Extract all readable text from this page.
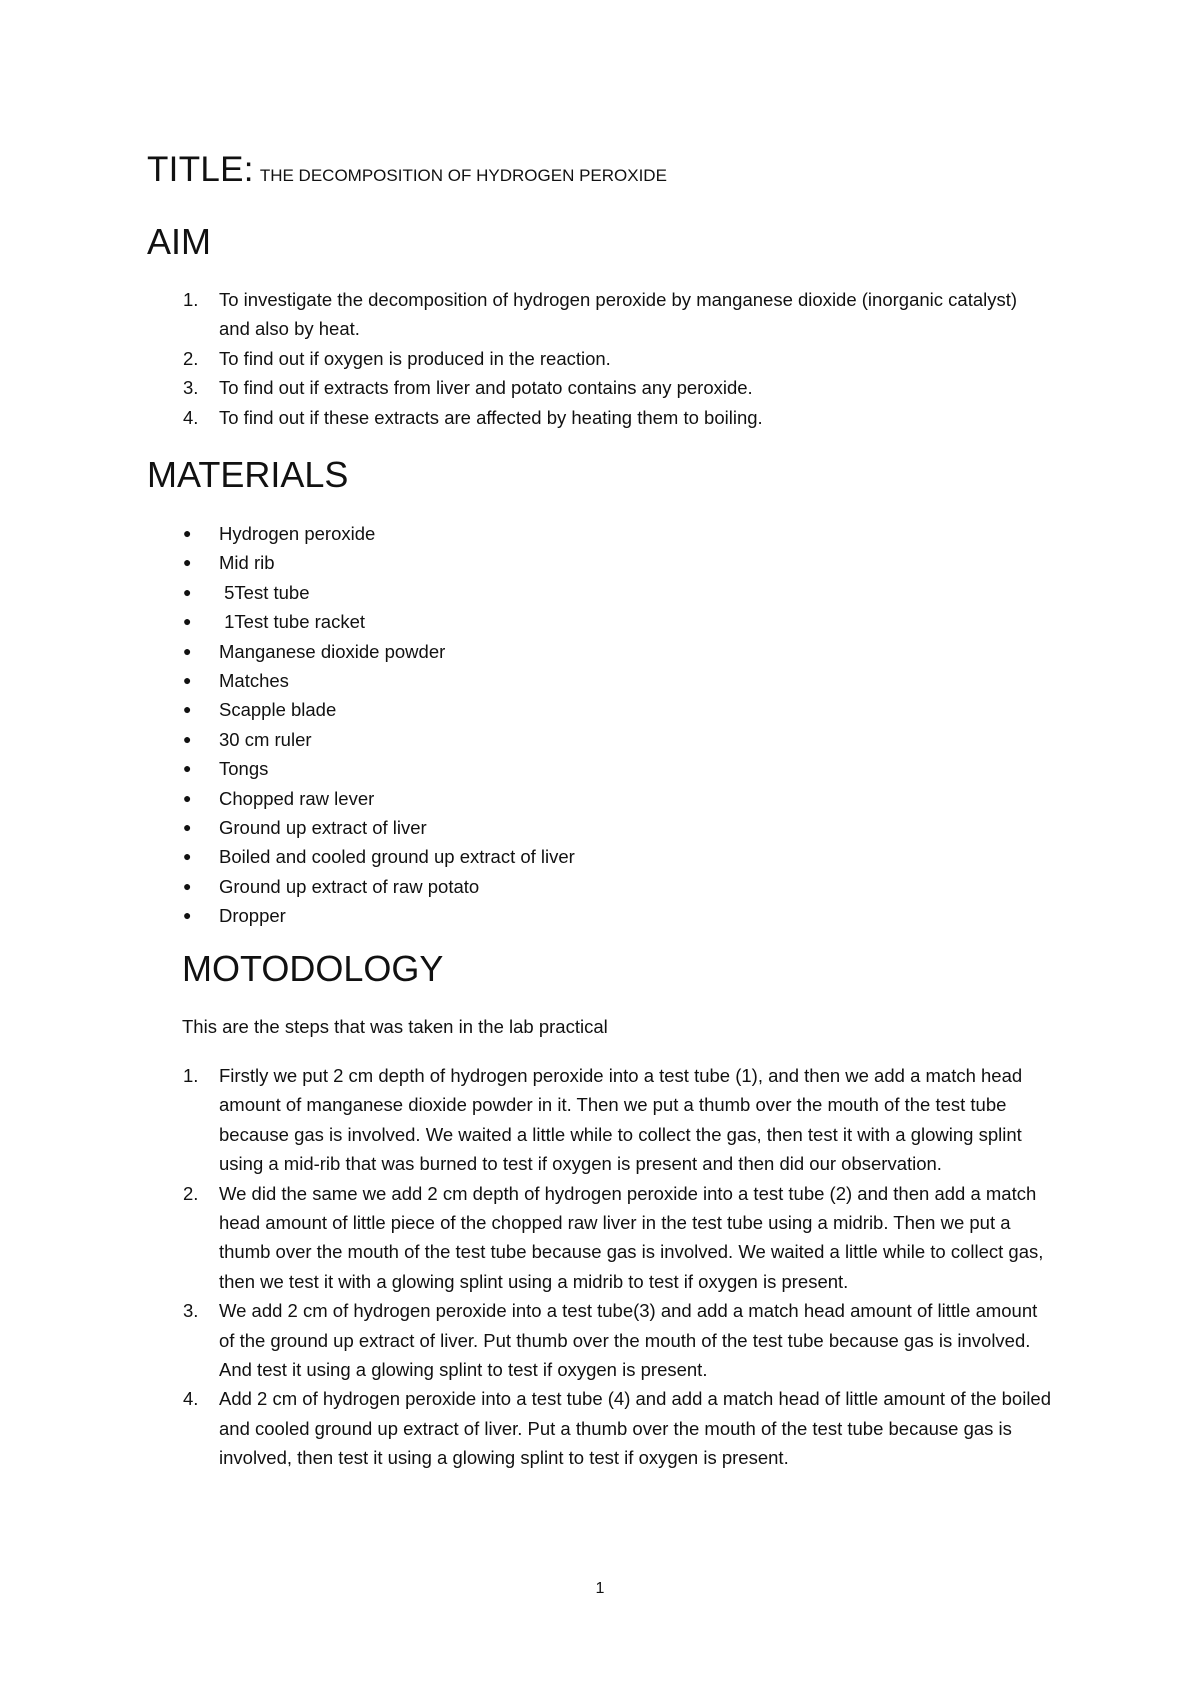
TITLE: THE DECOMPOSITION OF HYDROGEN PEROXIDE
AIM
1. To investigate the decomposition of hydrogen peroxide by manganese dioxide (inorganic catalyst) and also by heat.
2. To find out if oxygen is produced in the reaction.
3. To find out if extracts from liver and potato contains any peroxide.
4. To find out if these extracts are affected by heating them to boiling.
MATERIALS
● Hydrogen peroxide
● Mid rib
● 5Test tube
● 1Test tube racket
● Manganese dioxide powder
● Matches
● Scapple blade
● 30 cm ruler
● Tongs
● Chopped raw lever
● Ground up extract of liver
● Boiled and cooled ground up extract of liver
● Ground up extract of raw potato
● Dropper
MOTODOLOGY

This are the steps that was taken in the lab practical

1. Firstly we put 2 cm depth of hydrogen peroxide into a test tube (1), and then we add a match head amount of manganese dioxide powder in it. Then we put a thumb over the mouth of the test tube because gas is involved. We waited a little while to collect the gas, then test it with a glowing splint using a mid-rib that was burned to test if oxygen is present and then did our observation.
2. We did the same we add 2 cm depth of hydrogen peroxide into a test tube (2) and then add a match head amount of little piece of the chopped raw liver in the test tube using a midrib. Then we put a thumb over the mouth of the test tube because gas is involved. We waited a little while to collect gas, then we test it with a glowing splint using a midrib to test if oxygen is present.
3. We add 2 cm of hydrogen peroxide into a test tube(3) and add a match head amount of little amount of the ground up extract of liver. Put thumb over the mouth of the test tube because gas is involved. And test it using a glowing splint to test if oxygen is present.
4. Add 2 cm of hydrogen peroxide into a test tube (4) and add a match head of little amount of the boiled and cooled ground up extract of liver. Put a thumb over the mouth of the test tube because gas is involved, then test it using a glowing splint to test if oxygen is present.
1
